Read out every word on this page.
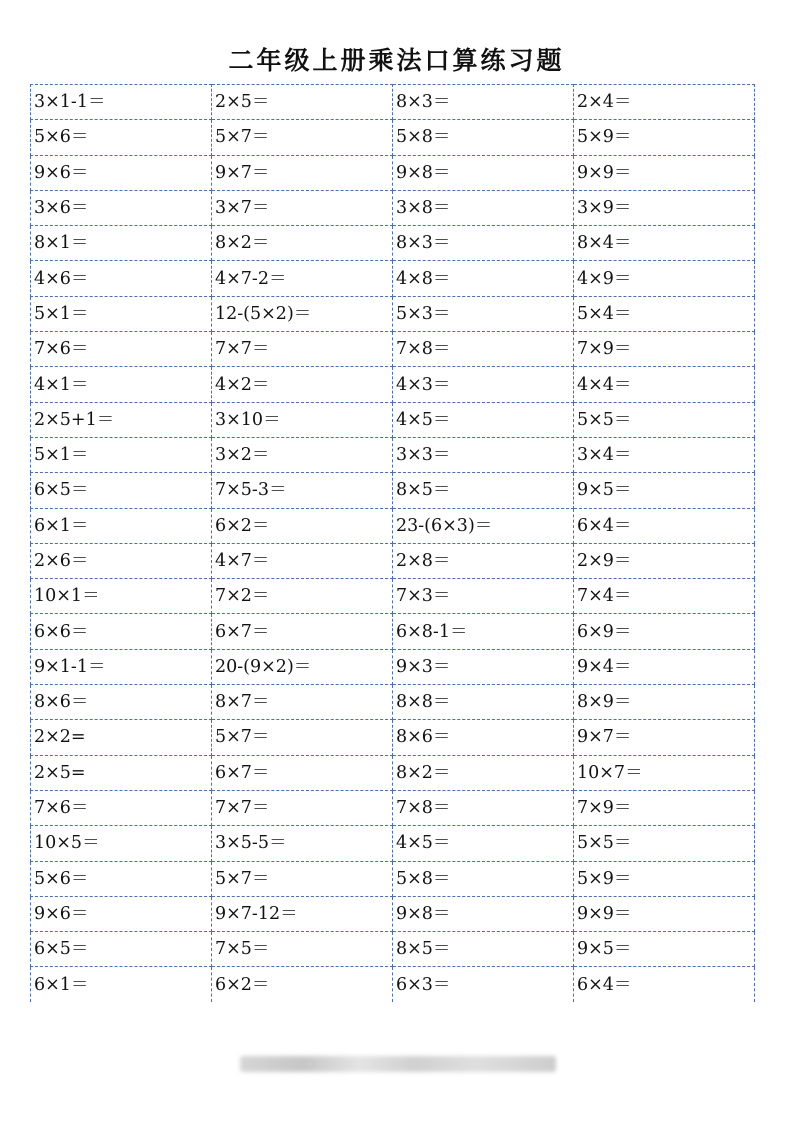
二年级上册乘法口算练习题
3×1-1＝	2×5＝	8×3＝	2×4＝
5×6＝	5×7＝	5×8＝	5×9＝
9×6＝	9×7＝	9×8＝	9×9＝
3×6＝	3×7＝	3×8＝	3×9＝
8×1＝	8×2＝	8×3＝	8×4＝
4×6＝	4×7-2＝	4×8＝	4×9＝
5×1＝	12-(5×2)＝	5×3＝	5×4＝
7×6＝	7×7＝	7×8＝	7×9＝
4×1＝	4×2＝	4×3＝	4×4＝
2×5+1＝	3×10＝	4×5＝	5×5＝
5×1＝	3×2＝	3×3＝	3×4＝
6×5＝	7×5-3＝	8×5＝	9×5＝
6×1＝	6×2＝	23-(6×3)＝	6×4＝
2×6＝	4×7＝	2×8＝	2×9＝
10×1＝	7×2＝	7×3＝	7×4＝
6×6＝	6×7＝	6×8-1＝	6×9＝
9×1-1＝	20-(9×2)＝	9×3＝	9×4＝
8×6＝	8×7＝	8×8＝	8×9＝
2×2=	5×7＝	8×6＝	9×7＝
2×5=	6×7＝	8×2＝	10×7＝
7×6＝	7×7＝	7×8＝	7×9＝
10×5＝	3×5-5＝	4×5＝	5×5＝
5×6＝	5×7＝	5×8＝	5×9＝
9×6＝	9×7-12＝	9×8＝	9×9＝
6×5＝	7×5＝	8×5＝	9×5＝
6×1＝	6×2＝	6×3＝	6×4＝
